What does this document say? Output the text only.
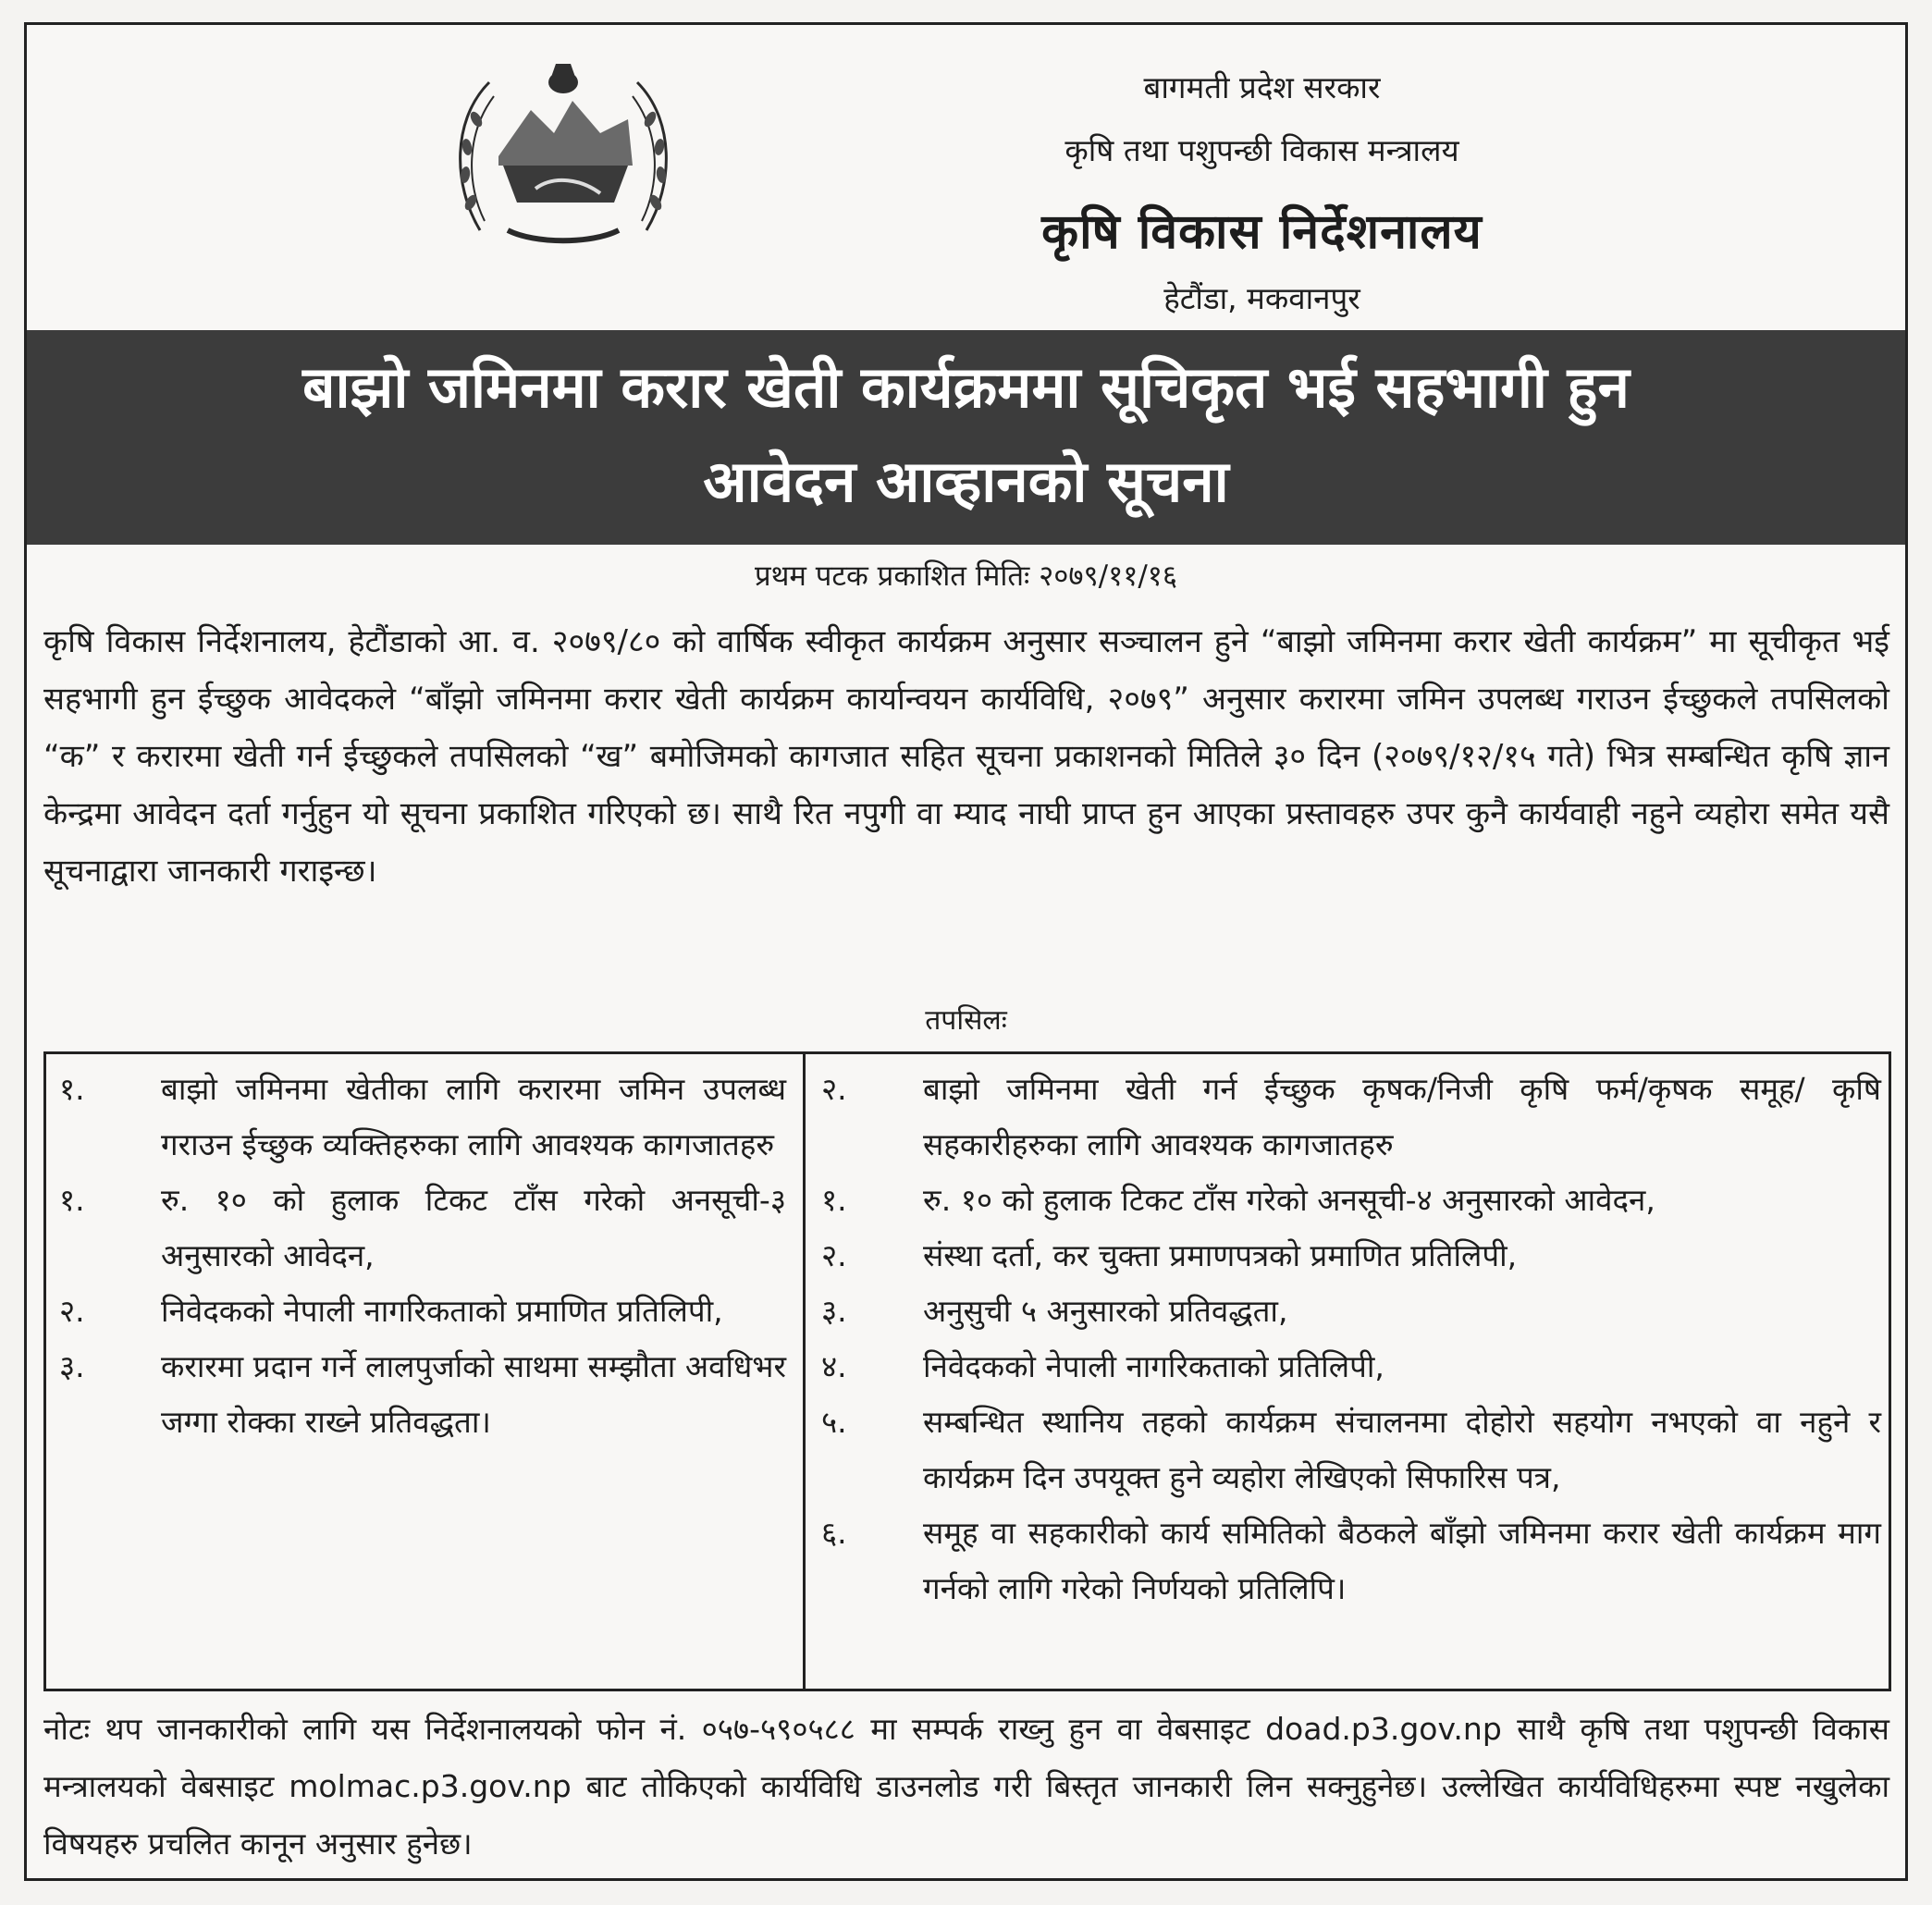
बागमती प्रदेश सरकार
कृषि तथा पशुपन्छी विकास मन्त्रालय
कृषि विकास निर्देशनालय
हेटौंडा, मकवानपुर
बाझो जमिनमा करार खेती कार्यक्रममा सूचिकृत भई सहभागी हुन
आवेदन आव्हानको सूचना
प्रथम पटक प्रकाशित मितिः २०७९/११/१६
कृषि विकास निर्देशनालय, हेटौंडाको आ. व. २०७९/८० को वार्षिक स्वीकृत कार्यक्रम अनुसार सञ्चालन हुने “बाझो जमिनमा करार खेती कार्यक्रम” मा सूचीकृत भई सहभागी हुन ईच्छुक आवेदकले “बाँझो जमिनमा करार खेती कार्यक्रम कार्यान्वयन कार्यविधि, २०७९” अनुसार करारमा जमिन उपलब्ध गराउन ईच्छुकले तपसिलको “क” र करारमा खेती गर्न ईच्छुकले तपसिलको “ख” बमोजिमको कागजात सहित सूचना प्रकाशनको मितिले ३० दिन (२०७९/१२/१५ गते) भित्र सम्बन्धित कृषि ज्ञान केन्द्रमा आवेदन दर्ता गर्नुहुन यो सूचना प्रकाशित गरिएको छ। साथै रित नपुगी वा म्याद नाघी प्राप्त हुन आएका प्रस्तावहरु उपर कुनै कार्यवाही नहुने व्यहोरा समेत यसै सूचनाद्वारा जानकारी गराइन्छ।
तपसिलः
१.	बाझो जमिनमा खेतीका लागि करारमा जमिन उपलब्ध गराउन ईच्छुक व्यक्तिहरुका लागि आवश्यक कागजातहरु
१.	रु. १० को हुलाक टिकट टाँस गरेको अनसूची-३ अनुसारको आवेदन,
२.	निवेदकको नेपाली नागरिकताको प्रमाणित प्रतिलिपी,
३.	करारमा प्रदान गर्ने लालपुर्जाको साथमा सम्झौता अवधिभर जग्गा रोक्का राख्ने प्रतिवद्धता।
२.	बाझो जमिनमा खेती गर्न ईच्छुक कृषक/निजी कृषि फर्म/कृषक समूह/ कृषि सहकारीहरुका लागि आवश्यक कागजातहरु
१.	रु. १० को हुलाक टिकट टाँस गरेको अनसूची-४ अनुसारको आवेदन,
२.	संस्था दर्ता, कर चुक्ता प्रमाणपत्रको प्रमाणित प्रतिलिपी,
३.	अनुसुची ५ अनुसारको प्रतिवद्धता,
४.	निवेदकको नेपाली नागरिकताको प्रतिलिपी,
५.	सम्बन्धित स्थानिय तहको कार्यक्रम संचालनमा दोहोरो सहयोग नभएको वा नहुने र कार्यक्रम दिन उपयूक्त हुने व्यहोरा लेखिएको सिफारिस पत्र,
६.	समूह वा सहकारीको कार्य समितिको बैठकले बाँझो जमिनमा करार खेती कार्यक्रम माग गर्नको लागि गरेको निर्णयको प्रतिलिपि।
नोटः थप जानकारीको लागि यस निर्देशनालयको फोन नं. ०५७-५९०५८८ मा सम्पर्क राख्नु हुन वा वेबसाइट doad.p3.gov.np साथै कृषि तथा पशुपन्छी विकास मन्त्रालयको वेबसाइट molmac.p3.gov.np बाट तोकिएको कार्यविधि डाउनलोड गरी बिस्तृत जानकारी लिन सक्नुहुनेछ। उल्लेखित कार्यविधिहरुमा स्पष्ट नखुलेका विषयहरु प्रचलित कानून अनुसार हुनेछ।
